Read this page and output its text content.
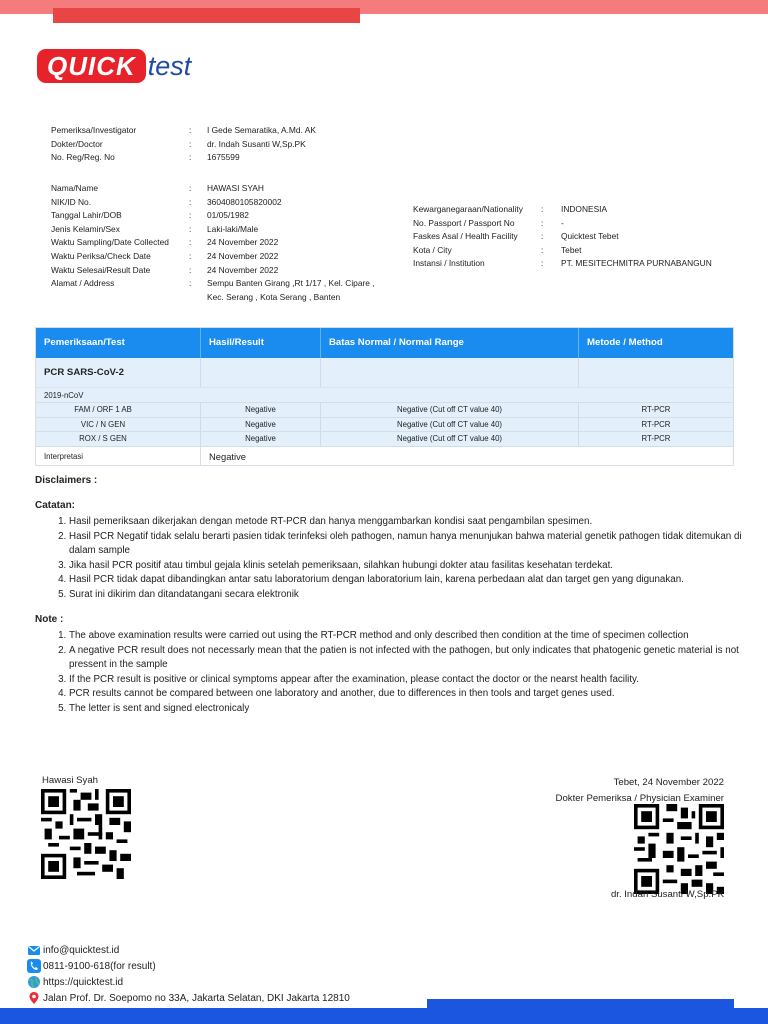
QUICK test
Pemeriksa/Investigator	:	I Gede Semaratika, A.Md. AK
Dokter/Doctor	:	dr. Indah Susanti W,Sp.PK
No. Reg/Reg. No	:	1675599
Nama/Name	:	HAWASI SYAH
NIK/ID No.	:	3604080105820002
Tanggal Lahir/DOB	:	01/05/1982
Jenis Kelamin/Sex	:	Laki-laki/Male
Waktu Sampling/Date Collected	:	24 November 2022
Waktu Periksa/Check Date	:	24 November 2022
Waktu Selesai/Result Date	:	24 November 2022
Alamat / Address	:	Sempu Banten Girang ,Rt 1/17 , Kel. Cipare ,
Kec. Serang , Kota Serang , Banten
Kewarganegaraan/Nationality	:	INDONESIA
No. Passport / Passport No	:	-
Faskes Asal / Health Facility	:	Quicktest Tebet
Kota / City	:	Tebet
Instansi / Institution	:	PT. MESITECHMITRA PURNABANGUN
Pemeriksaan/Test	Hasil/Result	Batas Normal / Normal Range	Metode / Method
PCR SARS-CoV-2
2019-nCoV
FAM / ORF 1 AB	Negative	Negative (Cut off CT value 40)	RT-PCR
VIC / N GEN	Negative	Negative (Cut off CT value 40)	RT-PCR
ROX / S GEN	Negative	Negative (Cut off CT value 40)	RT-PCR
Interpretasi	Negative
Disclaimers :
Catatan:
1. Hasil pemeriksaan dikerjakan dengan metode RT-PCR dan hanya menggambarkan kondisi saat pengambilan spesimen.
2. Hasil PCR Negatif tidak selalu berarti pasien tidak terinfeksi oleh pathogen, namun hanya menunjukan bahwa material genetik pathogen tidak ditemukan di dalam sample
3. Jika hasil PCR positif atau timbul gejala klinis setelah pemeriksaan, silahkan hubungi dokter atau fasilitas kesehatan terdekat.
4. Hasil PCR tidak dapat dibandingkan antar satu laboratorium dengan laboratorium lain, karena perbedaan alat dan target gen yang digunakan.
5. Surat ini dikirim dan ditandatangani secara elektronik
Note :
1. The above examination results were carried out using the RT-PCR method and only described then condition at the time of specimen collection
2. A negative PCR result does not necessarly mean that the patien is not infected with the pathogen, but only indicates that phatogenic genetic material is not pressent in the sample
3. If the PCR result is positive or clinical symptoms appear after the examination, please contact the doctor or the nearst health facility.
4. PCR results cannot be compared between one laboratory and another, due to differences in then tools and target genes used.
5. The letter is sent and signed electronicaly
Hawasi Syah	Tebet, 24 November 2022
Dokter Pemeriksa / Physician Examiner
dr. Indah Susanti W,Sp.PK
info@quicktest.id
0811-9100-618(for result)
https://quicktest.id
Jalan Prof. Dr. Soepomo no 33A, Jakarta Selatan, DKI Jakarta 12810
